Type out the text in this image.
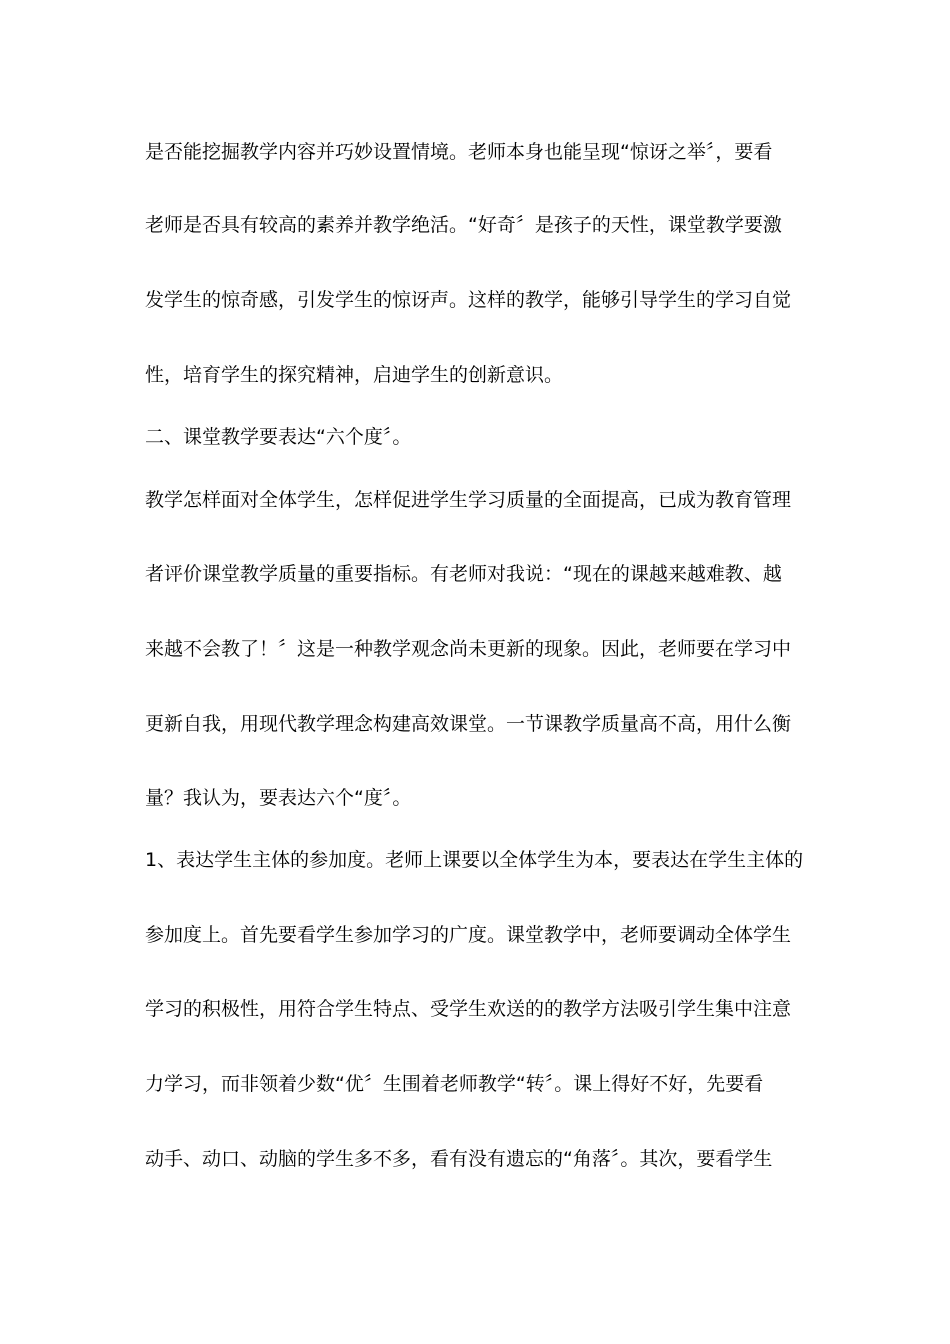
是否能挖掘教学内容并巧妙设置情境。老师本身也能呈现“惊讶之举〞，要看
老师是否具有较高的素养并教学绝活。“好奇〞是孩子的天性，课堂教学要激
发学生的惊奇感，引发学生的惊讶声。这样的教学，能够引导学生的学习自觉
性，培育学生的探究精神，启迪学生的创新意识。
二、课堂教学要表达“六个度〞。
教学怎样面对全体学生，怎样促进学生学习质量的全面提高，已成为教育管理
者评价课堂教学质量的重要指标。有老师对我说：“现在的课越来越难教、越
来越不会教了！〞这是一种教学观念尚未更新的现象。因此，老师要在学习中
更新自我，用现代教学理念构建高效课堂。一节课教学质量高不高，用什么衡
量？我认为，要表达六个“度〞。
1、表达学生主体的参加度。老师上课要以全体学生为本，要表达在学生主体的
参加度上。首先要看学生参加学习的广度。课堂教学中，老师要调动全体学生
学习的积极性，用符合学生特点、受学生欢送的的教学方法吸引学生集中注意
力学习，而非领着少数“优〞生围着老师教学“转〞。课上得好不好，先要看
动手、动口、动脑的学生多不多，看有没有遗忘的“角落〞。其次，要看学生
